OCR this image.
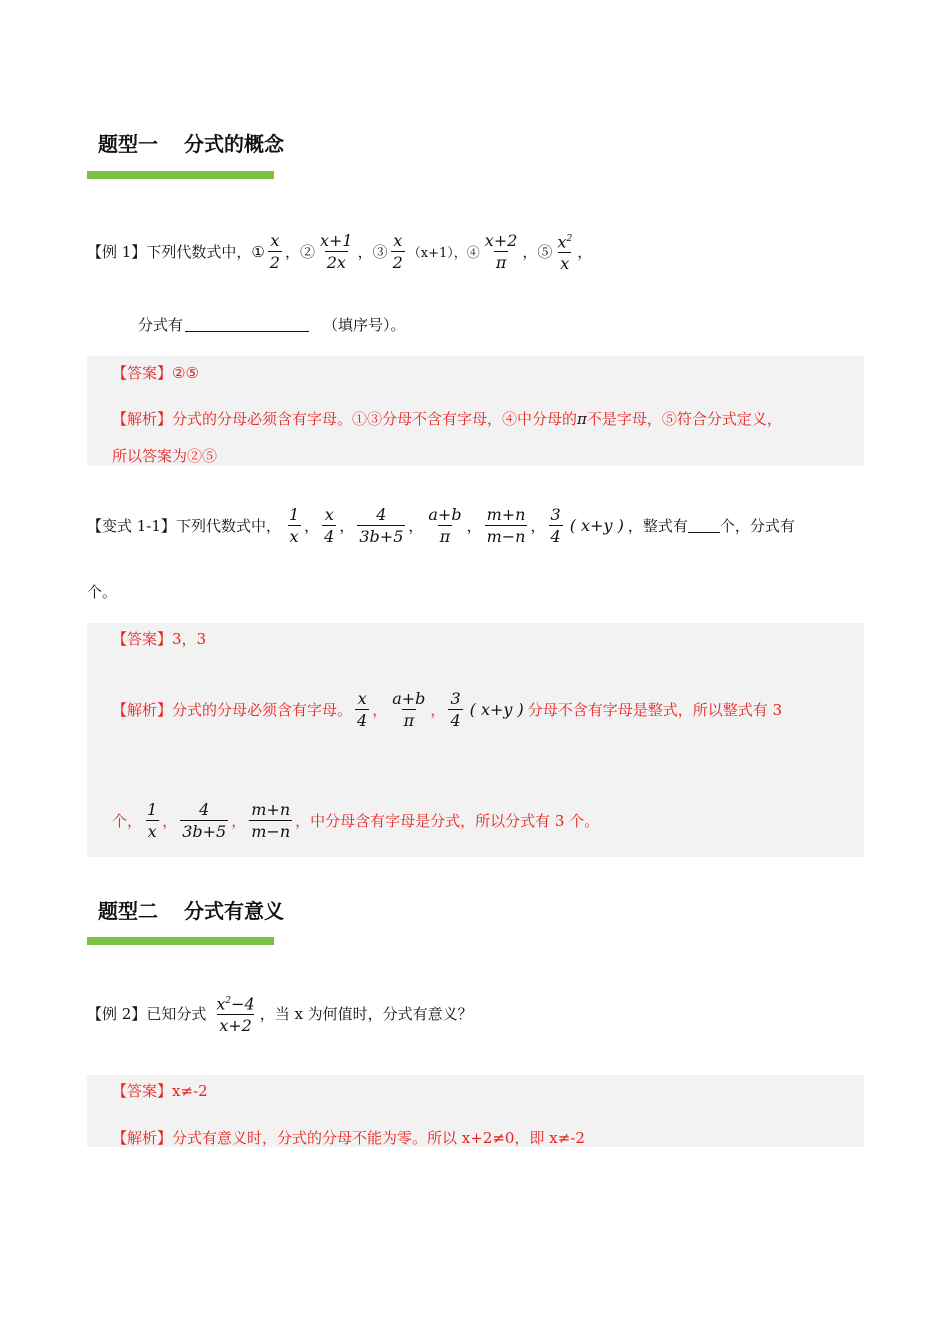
题型一 分式的概念
【例 1】 下列代数式中， ① $\frac{x}{2}$ ，② $\frac{x+1}{2x}$ ，③ $\frac{x}{2} (x+1)$，④ $\frac{x+2}{\pi}$ ，⑤ $\frac{x^2}{x}$ ，
分式有	（填序号）。
【答案】 ②⑤
【解析】 分式的分母必须含有字母。①③分母不含有字母，④中分母的 π 不是字母，⑤符合分式定义，
所以答案为②⑤
【变式 1-1】 下列代数式中， $\frac{1}{x}$ ， $\frac{x}{4}$ ， $\frac{4}{3b+5}$ ， $\frac{a+b}{\pi}$ ， $\frac{m+n}{m-n}$ ， $\frac{3}{4}$ ( x+y ) ，整式有 个，分式有
个。
【答案】 3，3
【解析】 分式的分母必须含有字母。 $\frac{x}{4}$ ， $\frac{a+b}{\pi}$ ， $\frac{3}{4}$ ( x+y ) 分母不含有字母是整式，所以整式有 3
个， $\frac{1}{x}$ ， $\frac{4}{3b+5}$ ， $\frac{m+n}{m-n}$ ， 中分母含有字母是分式，所以分式有 3 个。
题型二 分式有意义
【例 2】 已知分式 $\frac{x^2-4}{x+2}$ ，当 x 为何值时，分式有意义？
【答案】 x≠-2
【解析】 分式有意义时，分式的分母不能为零。所以 x+2≠0，即 x≠-2
